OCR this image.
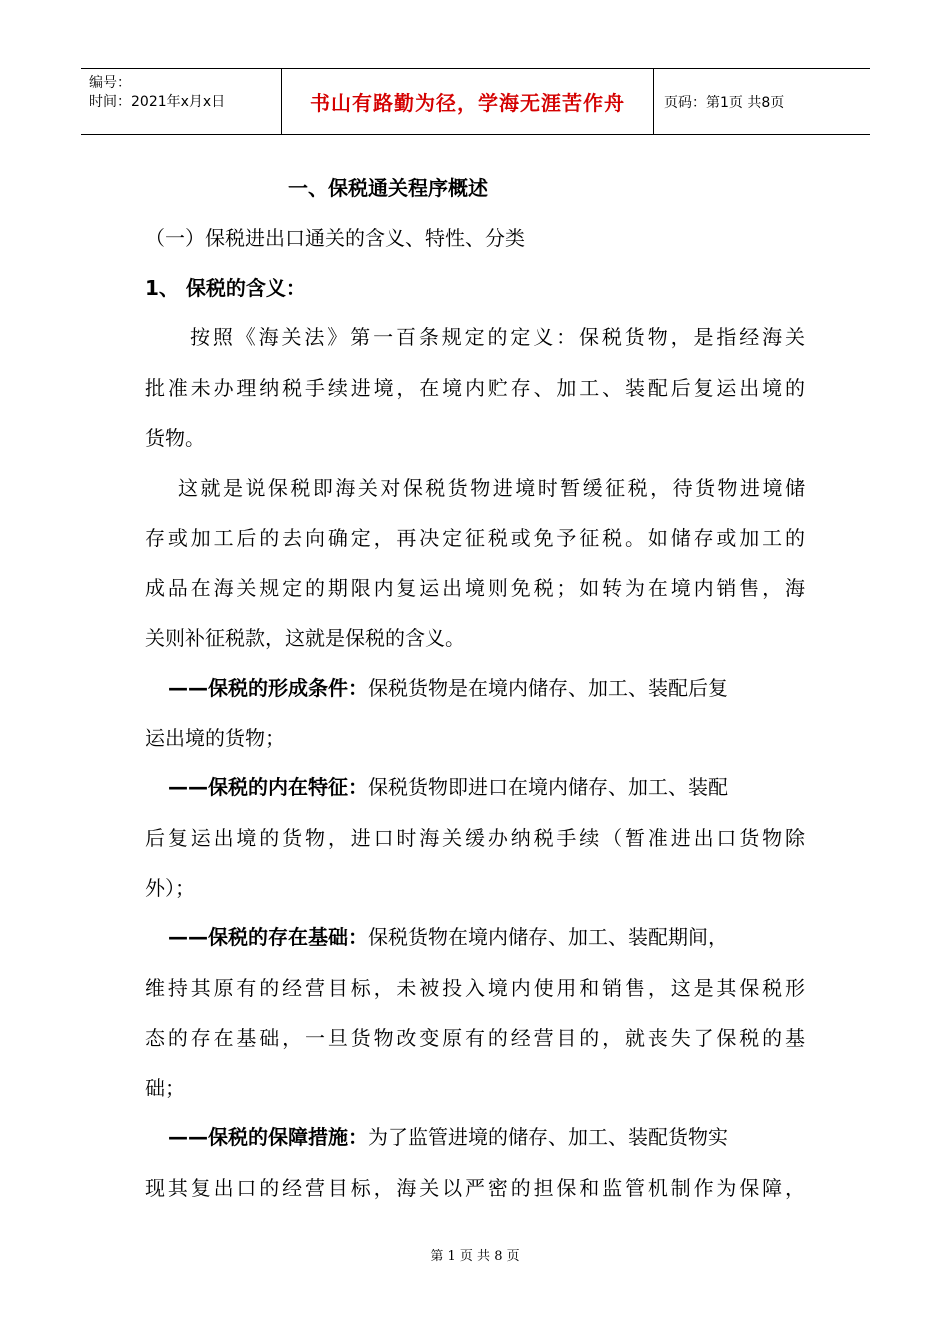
编号：
时间：2021年x月x日	书山有路勤为径，学海无涯苦作舟	页码：第1页 共8页
一、保税通关程序概述
（一）保税进出口通关的含义、特性、分类
1、 保税的含义：
按照《海关法》第一百条规定的定义：保税货物，是指经海关
批准未办理纳税手续进境，在境内贮存、加工、装配后复运出境的
货物。
这就是说保税即海关对保税货物进境时暂缓征税，待货物进境储
存或加工后的去向确定，再决定征税或免予征税。如储存或加工的
成品在海关规定的期限内复运出境则免税；如转为在境内销售，海
关则补征税款，这就是保税的含义。
——保税的形成条件：保税货物是在境内储存、加工、装配后复
运出境的货物；
——保税的内在特征：保税货物即进口在境内储存、加工、装配
后复运出境的货物，进口时海关缓办纳税手续（暂准进出口货物除
外）；
——保税的存在基础：保税货物在境内储存、加工、装配期间，
维持其原有的经营目标，未被投入境内使用和销售，这是其保税形
态的存在基础，一旦货物改变原有的经营目的，就丧失了保税的基
础；
——保税的保障措施：为了监管进境的储存、加工、装配货物实
现其复出口的经营目标，海关以严密的担保和监管机制作为保障，
第 1 页 共 8 页
